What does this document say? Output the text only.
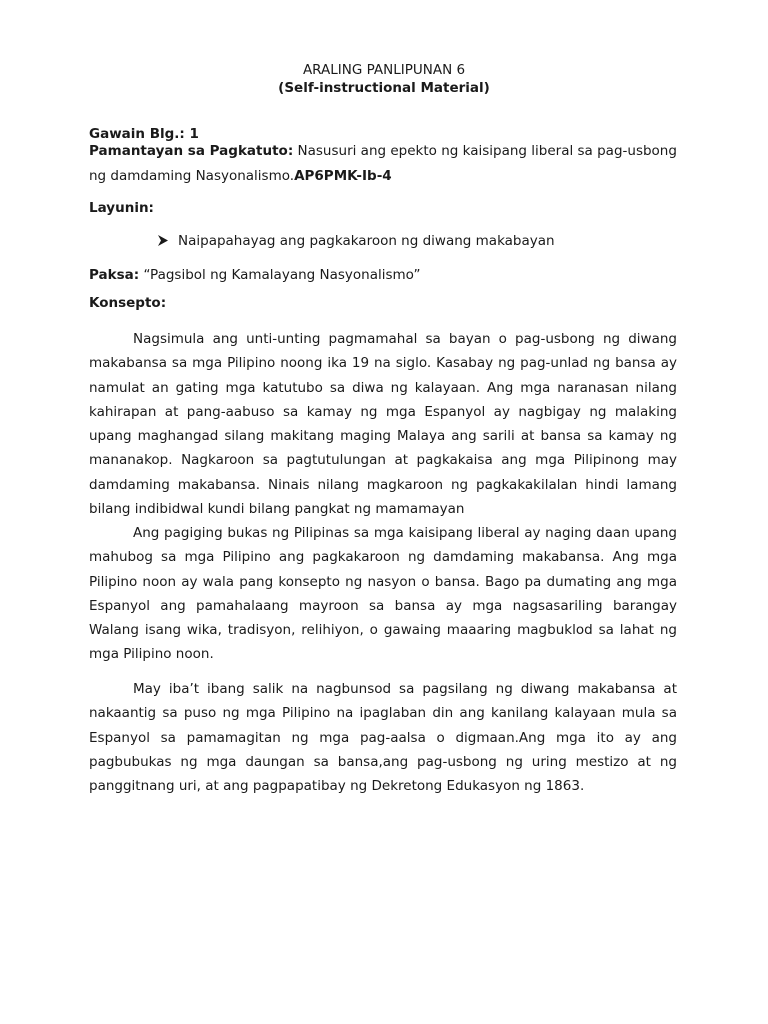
ARALING PANLIPUNAN 6
(Self-instructional Material)
Gawain Blg.: 1
Pamantayan sa Pagkatuto: Nasusuri ang epekto ng kaisipang liberal sa pag-usbong
ng damdaming Nasyonalismo.AP6PMK-Ib-4
Layunin:
Naipapahayag ang pagkakaroon ng diwang makabayan
Paksa: “Pagsibol ng Kamalayang Nasyonalismo”
Konsepto:
Nagsimula ang unti-unting pagmamahal sa bayan o pag-usbong ng diwang
makabansa sa mga Pilipino noong ika 19 na siglo. Kasabay ng pag-unlad ng bansa ay
namulat an gating mga katutubo sa diwa ng kalayaan. Ang mga naranasan nilang
kahirapan at pang-aabuso sa kamay ng mga Espanyol ay nagbigay ng malaking
upang maghangad silang makitang maging Malaya ang sarili at bansa sa kamay ng
mananakop. Nagkaroon sa pagtutulungan at pagkakaisa ang mga Pilipinong may
damdaming makabansa. Ninais nilang magkaroon ng pagkakakilalan hindi lamang
bilang indibidwal kundi bilang pangkat ng mamamayan
Ang pagiging bukas ng Pilipinas sa mga kaisipang liberal ay naging daan upang
mahubog sa mga Pilipino ang pagkakaroon ng damdaming makabansa. Ang mga
Pilipino noon ay wala pang konsepto ng nasyon o bansa. Bago pa dumating ang mga
Espanyol ang pamahalaang mayroon sa bansa ay mga nagsasariling barangay
Walang isang wika, tradisyon, relihiyon, o gawaing maaaring magbuklod sa lahat ng
mga Pilipino noon.
May iba’t ibang salik na nagbunsod sa pagsilang ng diwang makabansa at
nakaantig sa puso ng mga Pilipino na ipaglaban din ang kanilang kalayaan mula sa
Espanyol sa pamamagitan ng mga pag-aalsa o digmaan.Ang mga ito ay ang
pagbubukas ng mga daungan sa bansa,ang pag-usbong ng uring mestizo at ng
panggitnang uri, at ang pagpapatibay ng Dekretong Edukasyon ng 1863.
